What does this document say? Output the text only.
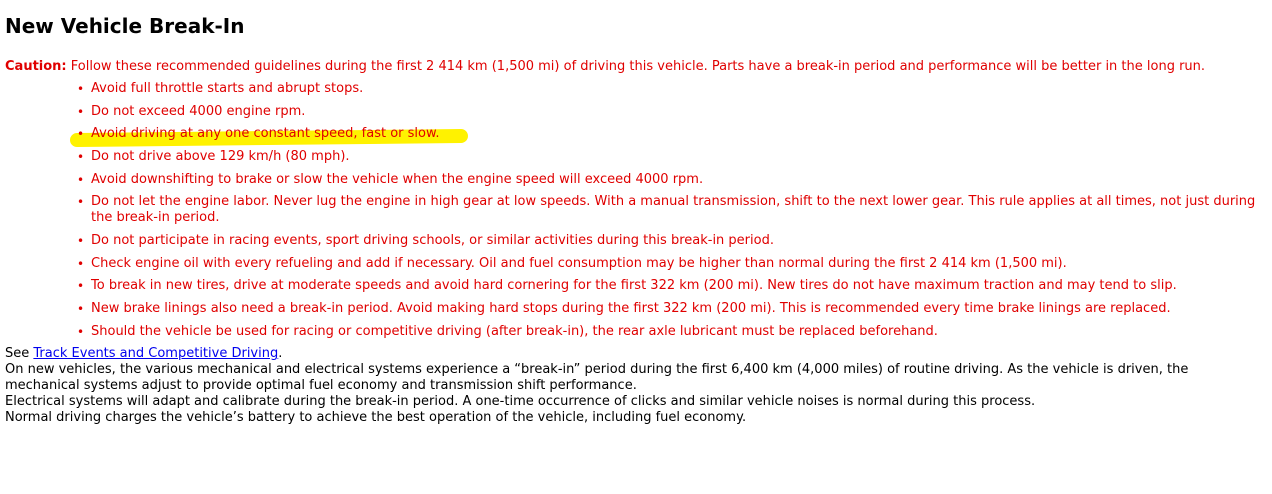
New Vehicle Break-In
Caution: Follow these recommended guidelines during the first 2 414 km (1,500 mi) of driving this vehicle. Parts have a break-in period and performance will be better in the long run.
• Avoid full throttle starts and abrupt stops.
• Do not exceed 4000 engine rpm.
• Avoid driving at any one constant speed, fast or slow.
• Do not drive above 129 km/h (80 mph).
• Avoid downshifting to brake or slow the vehicle when the engine speed will exceed 4000 rpm.
• Do not let the engine labor. Never lug the engine in high gear at low speeds. With a manual transmission, shift to the next lower gear. This rule applies at all times, not just during the break-in period.
• Do not participate in racing events, sport driving schools, or similar activities during this break-in period.
• Check engine oil with every refueling and add if necessary. Oil and fuel consumption may be higher than normal during the first 2 414 km (1,500 mi).
• To break in new tires, drive at moderate speeds and avoid hard cornering for the first 322 km (200 mi). New tires do not have maximum traction and may tend to slip.
• New brake linings also need a break-in period. Avoid making hard stops during the first 322 km (200 mi). This is recommended every time brake linings are replaced.
• Should the vehicle be used for racing or competitive driving (after break-in), the rear axle lubricant must be replaced beforehand.

See Track Events and Competitive Driving.

On new vehicles, the various mechanical and electrical systems experience a “break-in” period during the first 6,400 km (4,000 miles) of routine driving. As the vehicle is driven, the mechanical systems adjust to provide optimal fuel economy and transmission shift performance.

Electrical systems will adapt and calibrate during the break-in period. A one-time occurrence of clicks and similar vehicle noises is normal during this process.

Normal driving charges the vehicle’s battery to achieve the best operation of the vehicle, including fuel economy.
